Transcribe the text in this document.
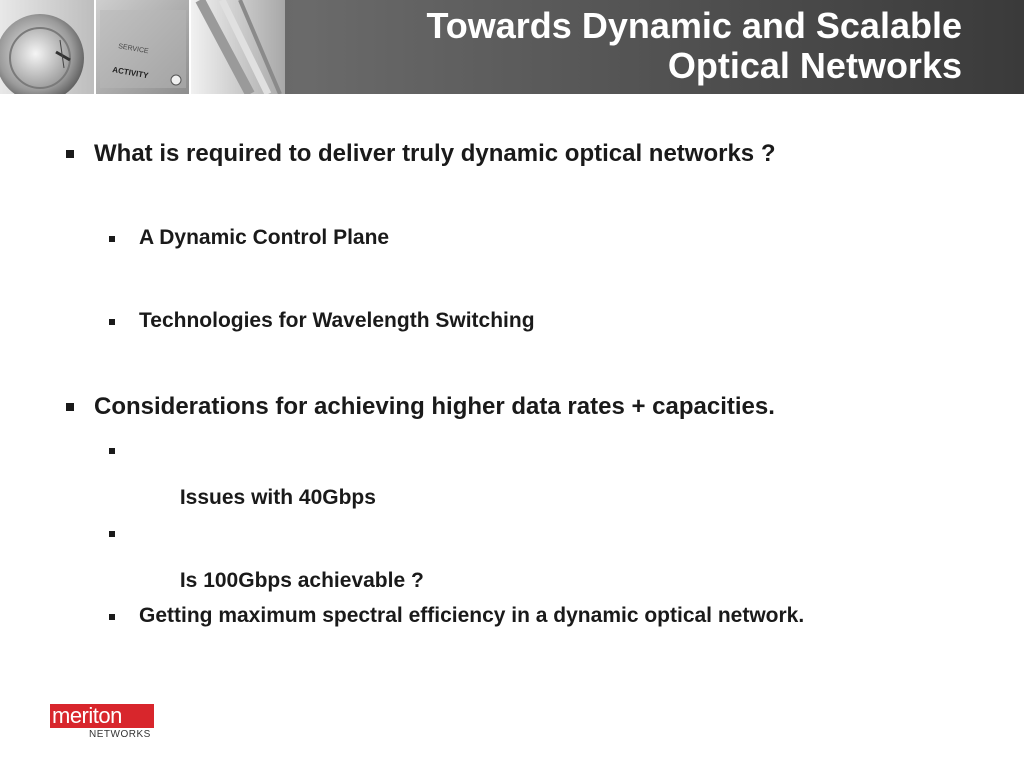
SERVICE
ACTIVITY
Towards Dynamic and Scalable
Optical Networks
What is required to deliver truly dynamic optical networks ?
A Dynamic Control Plane
Technologies for Wavelength Switching
Considerations for achieving higher data rates + capacities.

Issues with 40Gbps

Is 100Gbps achievable ?

Getting maximum spectral efficiency in a dynamic optical network.
meriton
NETWORKS
